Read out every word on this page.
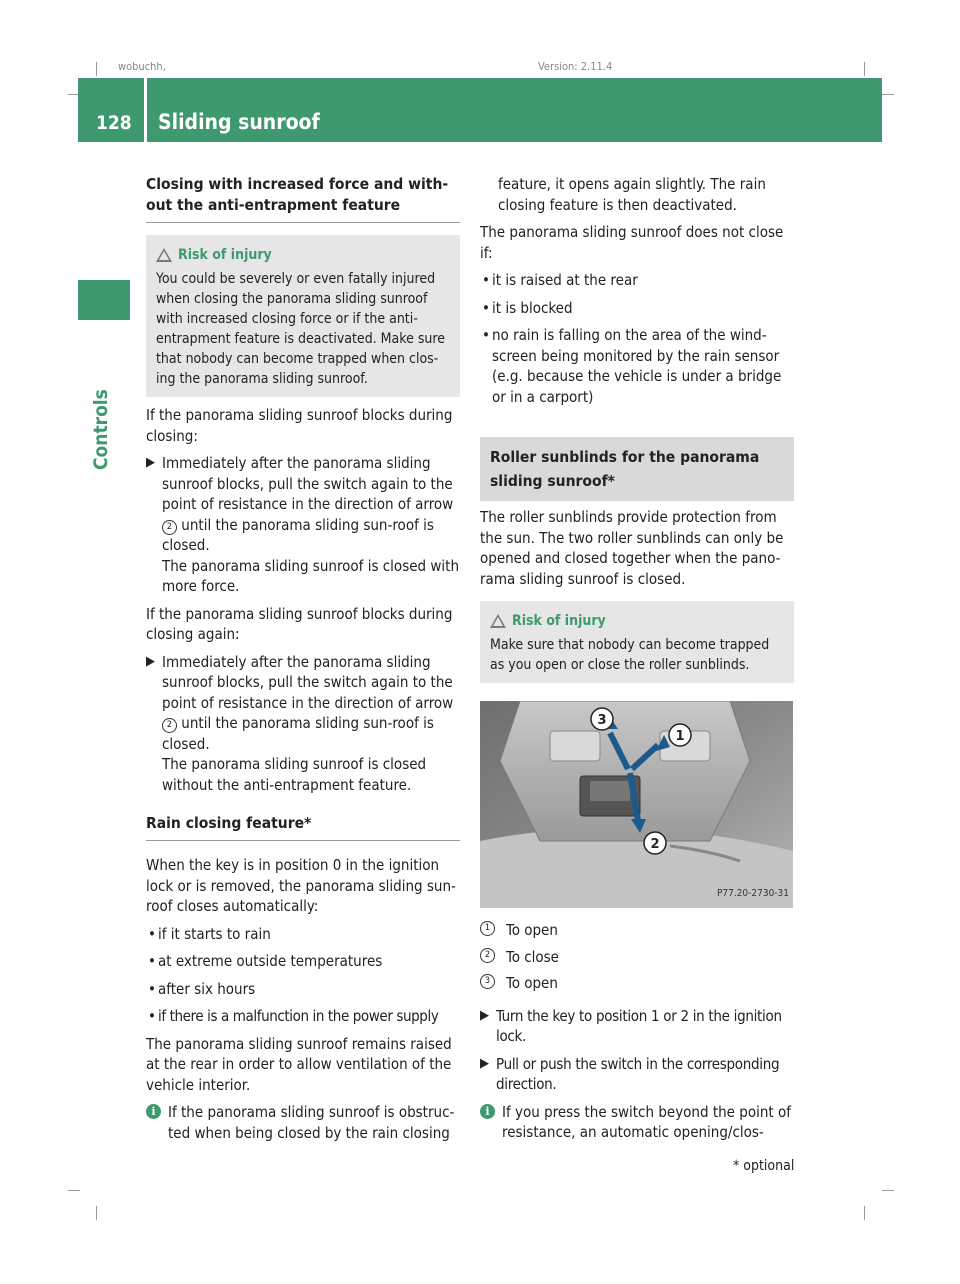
wobuchh,	Version: 2.11.4
128 Sliding sunroof
Controls
Closing with increased force and with-out the anti-entrapment feature
Risk of injury
You could be severely or even fatally injured when closing the panorama sliding sunroof with increased closing force or if the anti-entrapment feature is deactivated. Make sure that nobody can become trapped when clos-ing the panorama sliding sunroof.

If the panorama sliding sunroof blocks during closing:

▶ Immediately after the panorama sliding sunroof blocks, pull the switch again to the point of resistance in the direction of arrow 2 until the panorama sliding sun-roof is closed.
The panorama sliding sunroof is closed with more force.

If the panorama sliding sunroof blocks during closing again:

▶ Immediately after the panorama sliding sunroof blocks, pull the switch again to the point of resistance in the direction of arrow 2 until the panorama sliding sun-roof is closed.
The panorama sliding sunroof is closed without the anti-entrapment feature.
Rain closing feature*

When the key is in position 0 in the ignition lock or is removed, the panorama sliding sun-roof closes automatically:

• if it starts to rain
• at extreme outside temperatures
• after six hours
• if there is a malfunction in the power supply

The panorama sliding sunroof remains raised at the rear in order to allow ventilation of the vehicle interior.

i If the panorama sliding sunroof is obstruc-ted when being closed by the rain closing

feature, it opens again slightly. The rain closing feature is then deactivated.

The panorama sliding sunroof does not close if:

• it is raised at the rear
• it is blocked
• no rain is falling on the area of the wind-screen being monitored by the rain sensor (e.g. because the vehicle is under a bridge or in a carport)
Roller sunblinds for the panorama sliding sunroof*

The roller sunblinds provide protection from the sun. The two roller sunblinds can only be opened and closed together when the pano-rama sliding sunroof is closed.

Risk of injury
Make sure that nobody can become trapped as you open or close the roller sunblinds.
3
1
2
P77.20-2730-31
1	To open
2	To close
3	To open
▶ Turn the key to position 1 or 2 in the ignition lock.
▶ Pull or push the switch in the corresponding direction.
i If you press the switch beyond the point of resistance, an automatic opening/clos-
* optional
